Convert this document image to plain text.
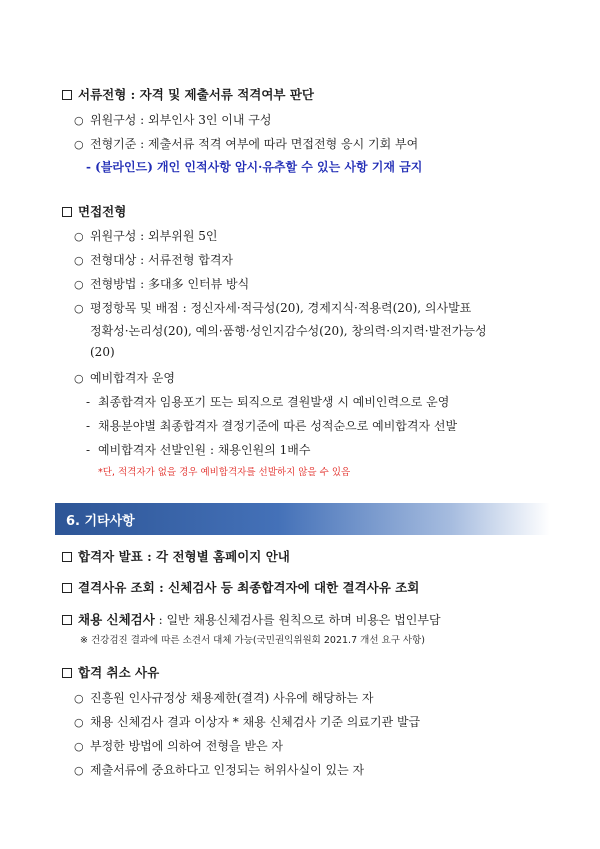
서류전형 : 자격 및 제출서류 적격여부 판단
○ 위원구성 : 외부인사 3인 이내 구성
○ 전형기준 : 제출서류 적격 여부에 따라 면접전형 응시 기회 부여
- (블라인드) 개인 인적사항 암시·유추할 수 있는 사항 기재 금지
면접전형
○ 위원구성 : 외부위원 5인
○ 전형대상 : 서류전형 합격자
○ 전형방법 : 多대多 인터뷰 방식
○ 평정항목 및 배점 : 정신자세·적극성(20), 경제지식·적용력(20), 의사발표
정확성·논리성(20), 예의·품행·성인지감수성(20), 창의력·의지력·발전가능성
(20)
○ 예비합격자 운영
- 최종합격자 임용포기 또는 퇴직으로 결원발생 시 예비인력으로 운영
- 채용분야별 최종합격자 결정기준에 따른 성적순으로 예비합격자 선발
- 예비합격자 선발인원 : 채용인원의 1배수
*단, 적격자가 없을 경우 예비합격자를 선발하지 않을 수 있음
6. 기타사항
합격자 발표 : 각 전형별 홈페이지 안내
결격사유 조회 : 신체검사 등 최종합격자에 대한 결격사유 조회
채용 신체검사 : 일반 채용신체검사를 원칙으로 하며 비용은 법인부담
※ 건강검진 결과에 따른 소견서 대체 가능(국민권익위원회 2021.7 개선 요구 사항)
합격 취소 사유
○ 진흥원 인사규정상 채용제한(결격) 사유에 해당하는 자
○ 채용 신체검사 결과 이상자 * 채용 신체검사 기준 의료기관 발급
○ 부정한 방법에 의하여 전형을 받은 자
○ 제출서류에 중요하다고 인정되는 허위사실이 있는 자
